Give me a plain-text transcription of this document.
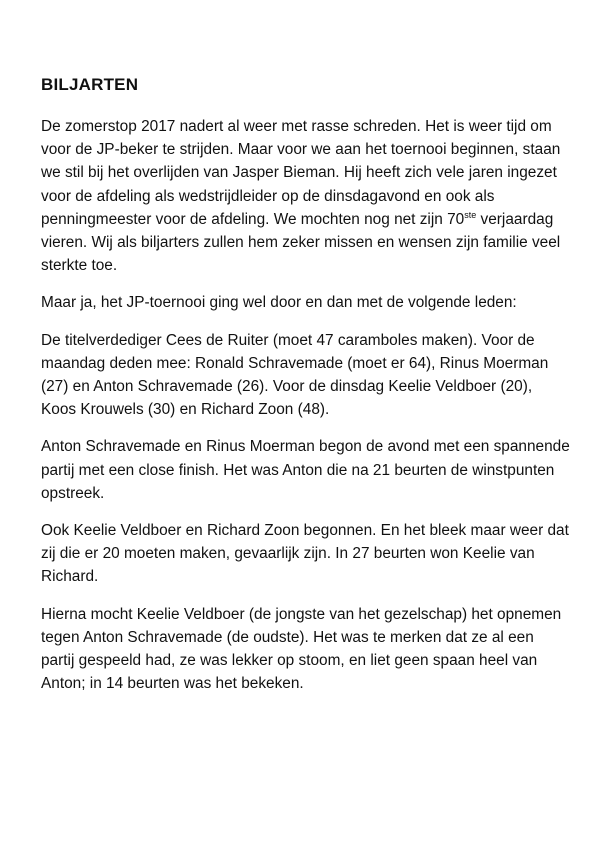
BILJARTEN

De zomerstop 2017 nadert al weer met rasse schreden. Het is weer tijd om voor de JP-beker te strijden. Maar voor we aan het toernooi beginnen, staan we stil bij het overlijden van Jasper Bieman. Hij heeft zich vele jaren ingezet voor de afdeling als wedstrijdleider op de dinsdagavond en ook als penningmeester voor de afdeling. We mochten nog net zijn 70ste verjaardag vieren. Wij als biljarters zullen hem zeker missen en wensen zijn familie veel sterkte toe.

Maar ja, het JP-toernooi ging wel door en dan met de volgende leden:

De titelverdediger Cees de Ruiter (moet 47 caramboles maken). Voor de maandag deden mee: Ronald Schravemade (moet er 64), Rinus Moerman (27) en Anton Schravemade (26). Voor de dinsdag Keelie Veldboer (20), Koos Krouwels (30) en Richard Zoon (48).

Anton Schravemade en Rinus Moerman begon de avond met een spannende partij met een close finish. Het was Anton die na 21 beurten de winstpunten opstreek.

Ook Keelie Veldboer en Richard Zoon begonnen. En het bleek maar weer dat zij die er 20 moeten maken, gevaarlijk zijn. In 27 beurten won Keelie van Richard.

Hierna mocht Keelie Veldboer (de jongste van het gezelschap) het opnemen tegen Anton Schravemade (de oudste). Het was te merken dat ze al een partij gespeeld had, ze was lekker op stoom, en liet geen spaan heel van Anton; in 14 beurten was het bekeken.
